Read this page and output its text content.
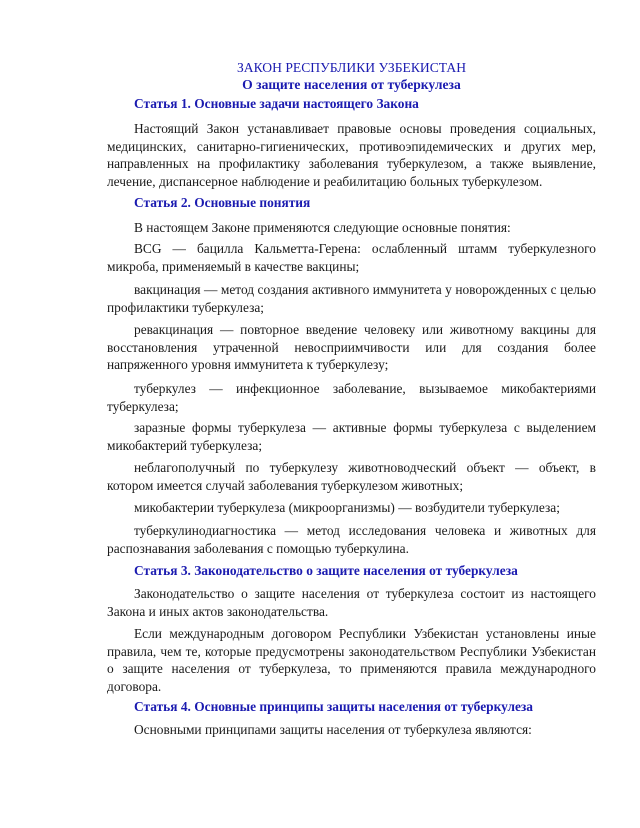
ЗАКОН РЕСПУБЛИКИ УЗБЕКИСТАН
О защите населения от туберкулеза
Статья 1. Основные задачи настоящего Закона

Настоящий Закон устанавливает правовые основы проведения социальных, медицинских, санитарно-гигиенических, противоэпидемических и других мер, направленных на профилактику заболевания туберкулезом, а также выявление, лечение, диспансерное наблюдение и реабилитацию больных туберкулезом.

Статья 2. Основные понятия

В настоящем Законе применяются следующие основные понятия:

BCG — бацилла Кальметта-Герена: ослабленный штамм туберкулезного микроба, применяемый в качестве вакцины;

вакцинация — метод создания активного иммунитета у новорожденных с целью профилактики туберкулеза;

ревакцинация — повторное введение человеку или животному вакцины для восстановления утраченной невосприимчивости или для создания более напряженного уровня иммунитета к туберкулезу;

туберкулез — инфекционное заболевание, вызываемое микобактериями туберкулеза;

заразные формы туберкулеза — активные формы туберкулеза с выделением микобактерий туберкулеза;

неблагополучный по туберкулезу животноводческий объект — объект, в котором имеется случай заболевания туберкулезом животных;

микобактерии туберкулеза (микроорганизмы) — возбудители туберкулеза;

туберкулинодиагностика — метод исследования человека и животных для распознавания заболевания с помощью туберкулина.

Статья 3. Законодательство о защите населения от туберкулеза

Законодательство о защите населения от туберкулеза состоит из настоящего Закона и иных актов законодательства.

Если международным договором Республики Узбекистан установлены иные правила, чем те, которые предусмотрены законодательством Республики Узбекистан о защите населения от туберкулеза, то применяются правила международного договора.

Статья 4. Основные принципы защиты населения от туберкулеза

Основными принципами защиты населения от туберкулеза являются:
